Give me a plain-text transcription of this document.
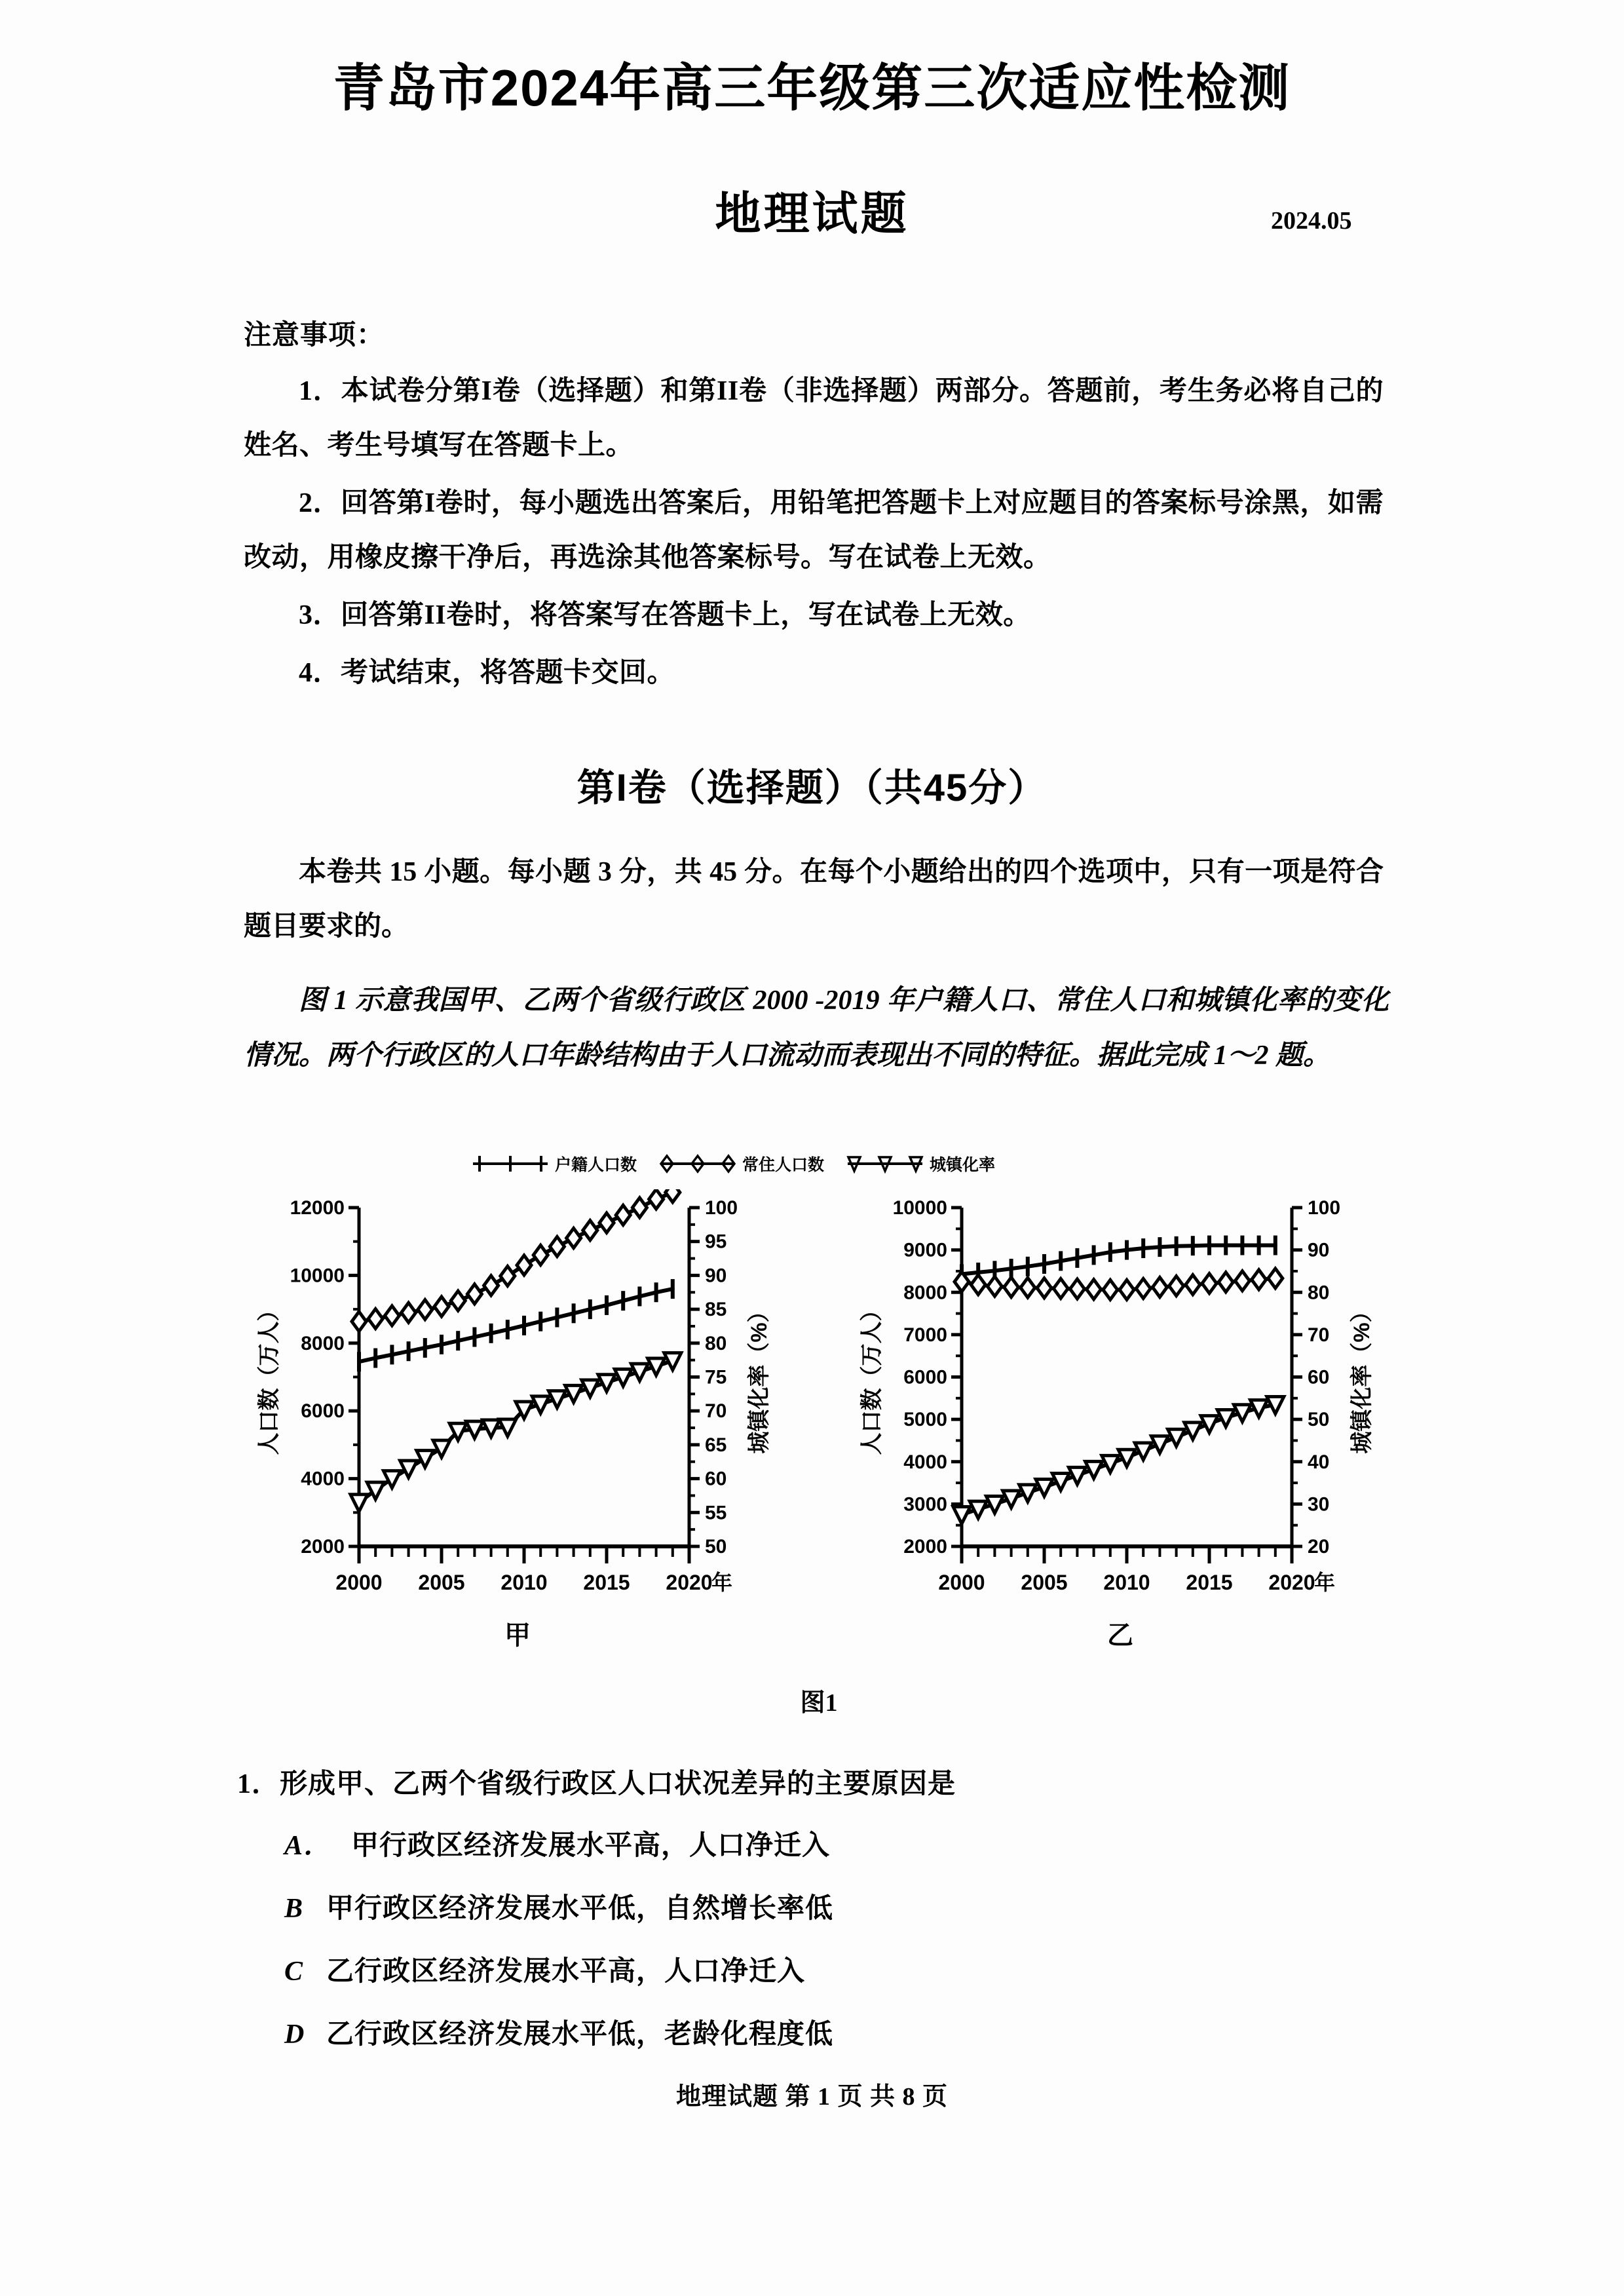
青岛市2024年高三年级第三次适应性检测
地理试题	2024.05
注意事项：

1．本试卷分第I卷（选择题）和第II卷（非选择题）两部分。答题前，考生务必将自己的姓名、考生号填写在答题卡上。

2．回答第I卷时，每小题选出答案后，用铅笔把答题卡上对应题目的答案标号涂黑，如需改动，用橡皮擦干净后，再选涂其他答案标号。写在试卷上无效。

3．回答第II卷时，将答案写在答题卡上，写在试卷上无效。

4．考试结束，将答题卡交回。

第I卷（选择题）（共45分）
本卷共 15 小题。每小题 3 分，共 45 分。在每个小题给出的四个选项中，只有一项是符合题目要求的。
图 1 示意我国甲、乙两个省级行政区 2000 -2019 年户籍人口、常住人口和城镇化率的变化情况。两个行政区的人口年龄结构由于人口流动而表现出不同的特征。据此完成 1～2 题。
户籍人口数	常住人口数	城镇化率
2000
4000
6000
8000
10000
12000
50
55
60
65
70
75
80
85
90
95
100
2000 2005 2010 2015 2020
年
人口数（万人）	城镇化率（%）
甲
2000
3000
4000
5000
6000
7000
8000
9000
10000
20
30
40
50
60
70
80
90
100
2000 2005 2010 2015 2020
年
人口数（万人）	城镇化率（%）
乙
图1

1．形成甲、乙两个省级行政区人口状况差异的主要原因是

A． 甲行政区经济发展水平高，人口净迁入
B 甲行政区经济发展水平低，自然增长率低
C 乙行政区经济发展水平高，人口净迁入
D 乙行政区经济发展水平低，老龄化程度低
地理试题 第 1 页 共 8 页
